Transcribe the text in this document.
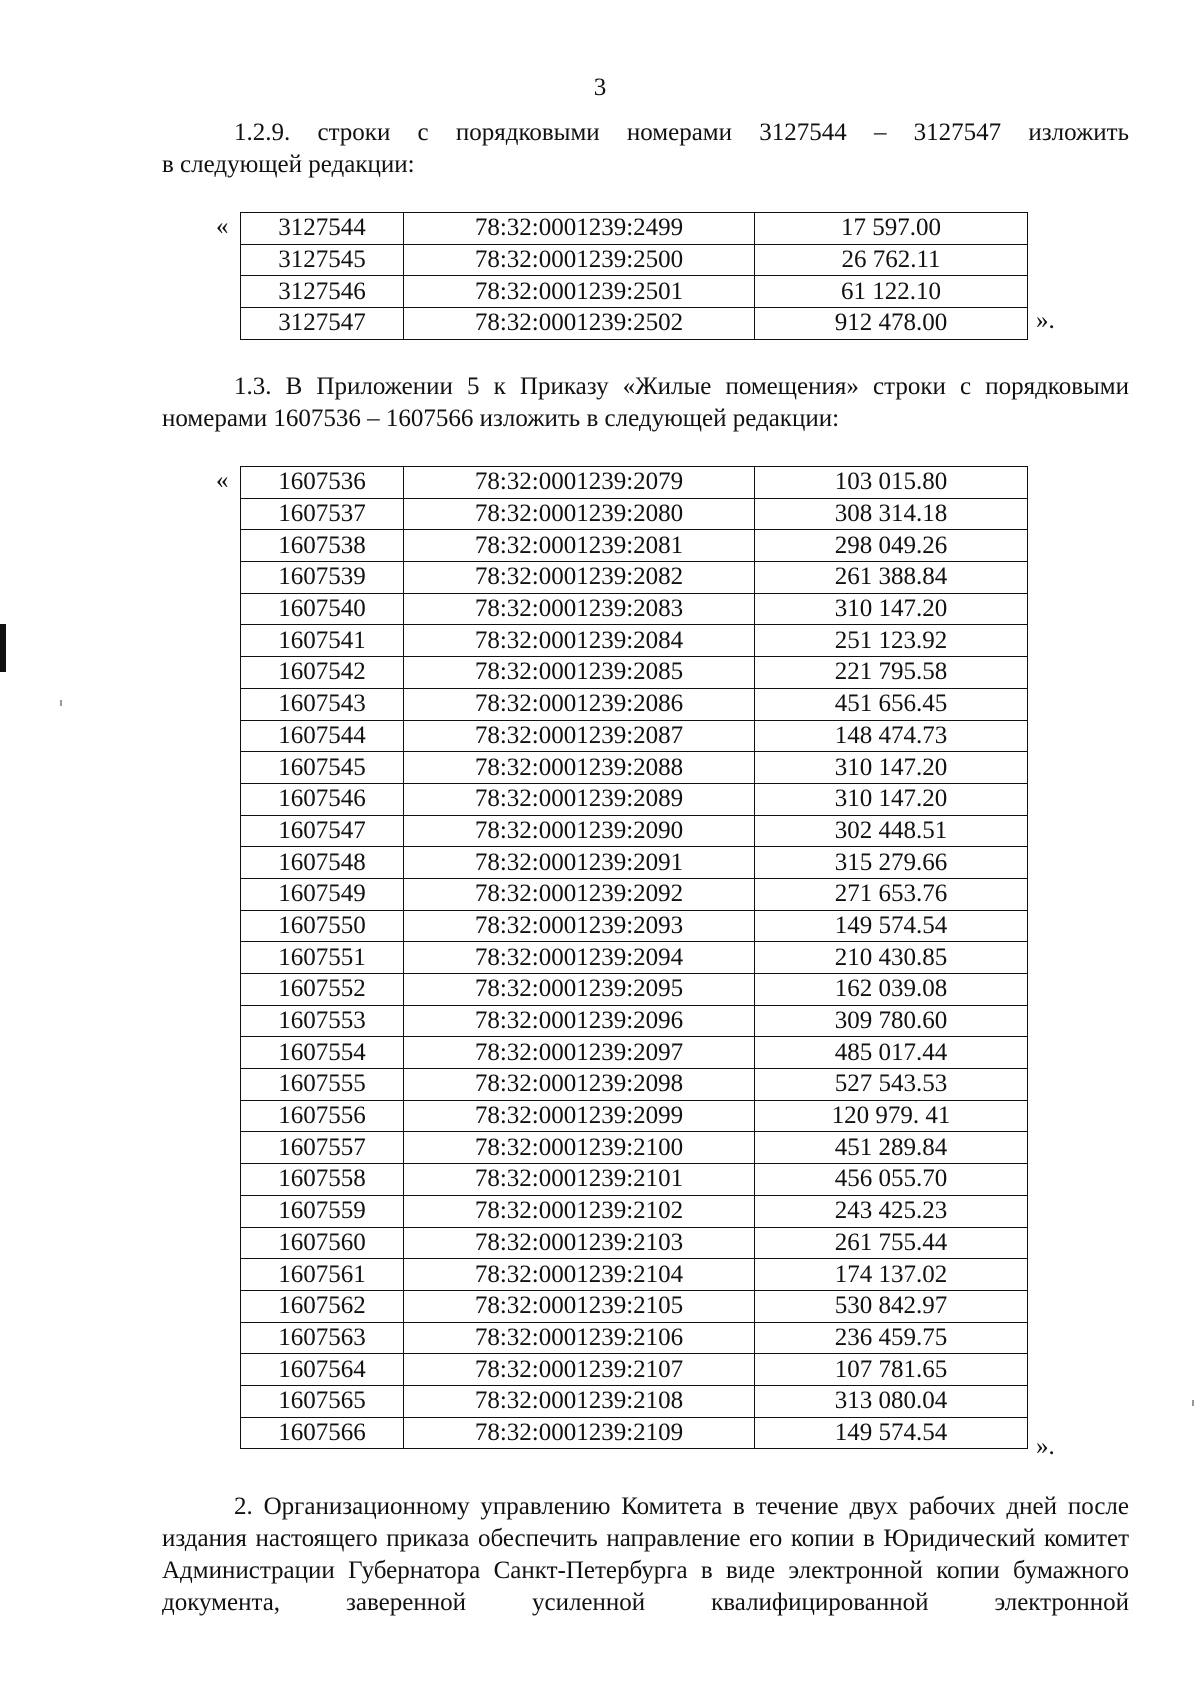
3
1.2.9. строки с порядковыми номерами 3127544 – 3127547 изложить
в следующей редакции:
« 3127544	78:32:0001239:2499	17 597.00
3127545	78:32:0001239:2500	26 762.11
3127546	78:32:0001239:2501	61 122.10
3127547	78:32:0001239:2502	912 478.00	».
1.3. В Приложении 5 к Приказу «Жилые помещения» строки с порядковыми
номерами 1607536 – 1607566 изложить в следующей редакции:
« 1607536	78:32:0001239:2079	103 015.80
1607537	78:32:0001239:2080	308 314.18
1607538	78:32:0001239:2081	298 049.26
1607539	78:32:0001239:2082	261 388.84
1607540	78:32:0001239:2083	310 147.20
1607541	78:32:0001239:2084	251 123.92
1607542	78:32:0001239:2085	221 795.58
1607543	78:32:0001239:2086	451 656.45
1607544	78:32:0001239:2087	148 474.73
1607545	78:32:0001239:2088	310 147.20
1607546	78:32:0001239:2089	310 147.20
1607547	78:32:0001239:2090	302 448.51
1607548	78:32:0001239:2091	315 279.66
1607549	78:32:0001239:2092	271 653.76
1607550	78:32:0001239:2093	149 574.54
1607551	78:32:0001239:2094	210 430.85
1607552	78:32:0001239:2095	162 039.08
1607553	78:32:0001239:2096	309 780.60
1607554	78:32:0001239:2097	485 017.44
1607555	78:32:0001239:2098	527 543.53
1607556	78:32:0001239:2099	120 979. 41
1607557	78:32:0001239:2100	451 289.84
1607558	78:32:0001239:2101	456 055.70
1607559	78:32:0001239:2102	243 425.23
1607560	78:32:0001239:2103	261 755.44
1607561	78:32:0001239:2104	174 137.02
1607562	78:32:0001239:2105	530 842.97
1607563	78:32:0001239:2106	236 459.75
1607564	78:32:0001239:2107	107 781.65
1607565	78:32:0001239:2108	313 080.04
1607566	78:32:0001239:2109	149 574.54
».
2. Организационному управлению Комитета в течение двух рабочих дней после издания настоящего приказа обеспечить направление его копии в Юридический комитет Администрации Губернатора Санкт-Петербурга в виде электронной копии бумажного документа, заверенной усиленной квалифицированной электронной
